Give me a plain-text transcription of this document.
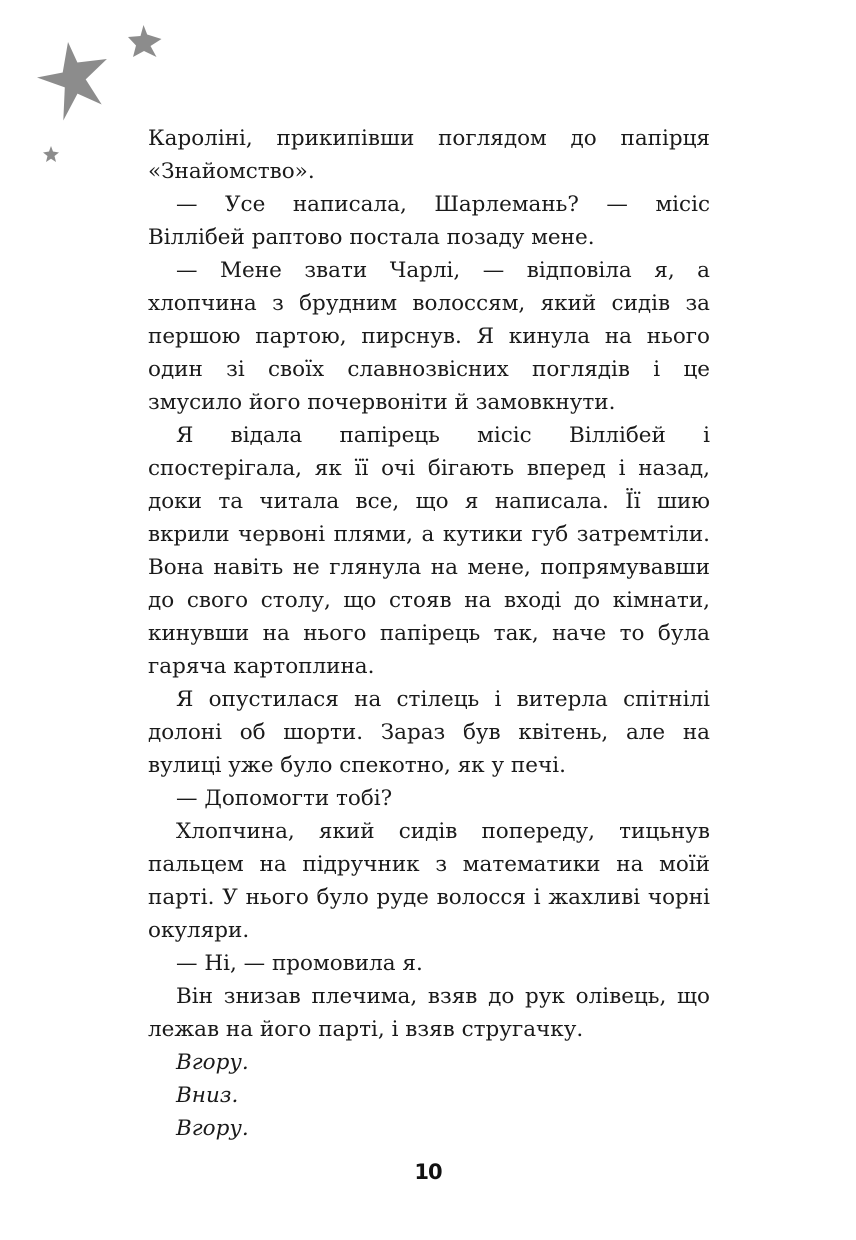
Кароліні, прикипівши поглядом до папірця «Знайомство».

— Усе написала, Шарлемань? — місіс Віллібей раптово постала позаду мене.

— Мене звати Чарлі, — відповіла я, а хлопчина з брудним волоссям, який сидів за першою партою, пирснув. Я кинула на нього один зі своїх славнозвісних поглядів і це змусило його почервоніти й замовкнути.

Я відала папірець місіс Віллібей і спостерігала, як її очі бігають вперед і назад, доки та читала все, що я написала. Її шию вкрили червоні плями, а кутики губ затремтіли. Вона навіть не глянула на мене, попрямувавши до свого столу, що стояв на вході до кімнати, кинувши на нього папірець так, наче то була гаряча картоплина.

Я опустилася на стілець і витерла спітнілі долоні об шорти. Зараз був квітень, але на вулиці уже було спекотно, як у печі.

— Допомогти тобі?

Хлопчина, який сидів попереду, тицьнув пальцем на підручник з математики на моїй парті. У нього було руде волосся і жахливі чорні окуляри.

— Ні, — промовила я.

Він знизав плечима, взяв до рук олівець, що лежав на його парті, і взяв стругачку.

Вгору.

Вниз.

Вгору.

10
